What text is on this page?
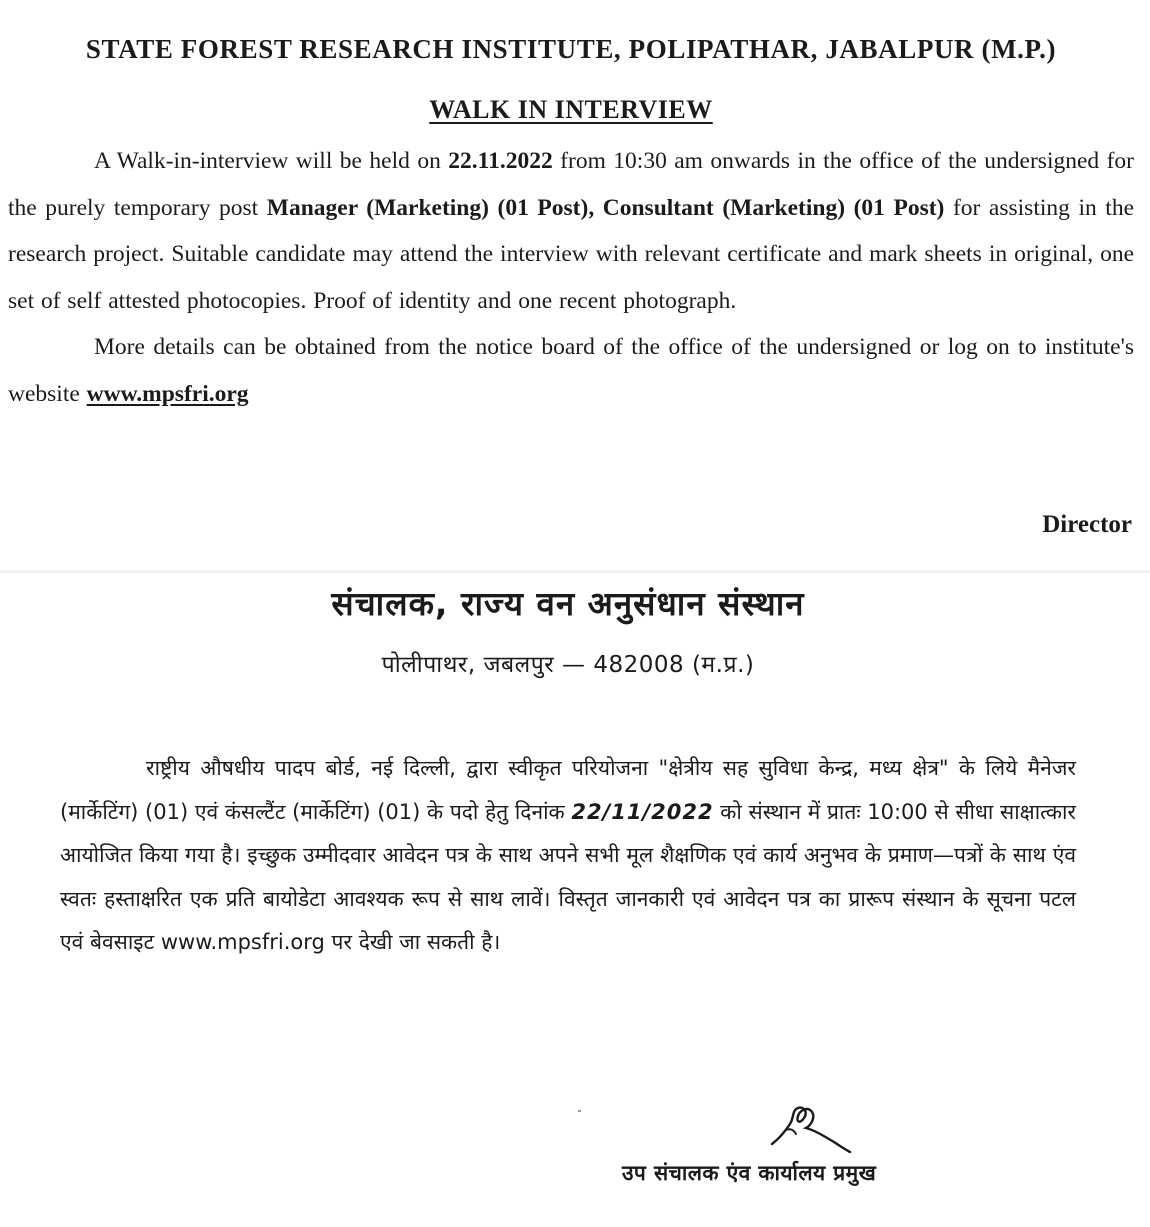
STATE FOREST RESEARCH INSTITUTE, POLIPATHAR, JABALPUR (M.P.)
WALK IN INTERVIEW

A Walk-in-interview will be held on 22.11.2022 from 10:30 am onwards in the office of the undersigned for the purely temporary post Manager (Marketing) (01 Post), Consultant (Marketing) (01 Post) for assisting in the research project. Suitable candidate may attend the interview with relevant certificate and mark sheets in original, one set of self attested photocopies. Proof of identity and one recent photograph.

More details can be obtained from the notice board of the office of the undersigned or log on to institute's website www.mpsfri.org

Director
संचालक, राज्य वन अनुसंधान संस्थान
पोलीपाथर, जबलपुर — 482008 (म.प्र.)
राष्ट्रीय औषधीय पादप बोर्ड, नई दिल्ली, द्वारा स्वीकृत परियोजना "क्षेत्रीय सह सुविधा केन्द्र, मध्य क्षेत्र" के लिये मैनेजर (मार्केटिंग) (01) एवं कंसल्टैंट (मार्केटिंग) (01) के पदो हेतु दिनांक 22/11/2022 को संस्थान में प्रातः 10:00 से सीधा साक्षात्कार आयोजित किया गया है। इच्छुक उम्मीदवार आवेदन पत्र के साथ अपने सभी मूल शैक्षणिक एवं कार्य अनुभव के प्रमाण—पत्रों के साथ एंव स्वतः हस्ताक्षरित एक प्रति बायोडेटा आवश्यक रूप से साथ लावें। विस्तृत जानकारी एवं आवेदन पत्र का प्रारूप संस्थान के सूचना पटल एवं बेवसाइट www.mpsfri.org पर देखी जा सकती है।
उप संचालक एंव कार्यालय प्रमुख
